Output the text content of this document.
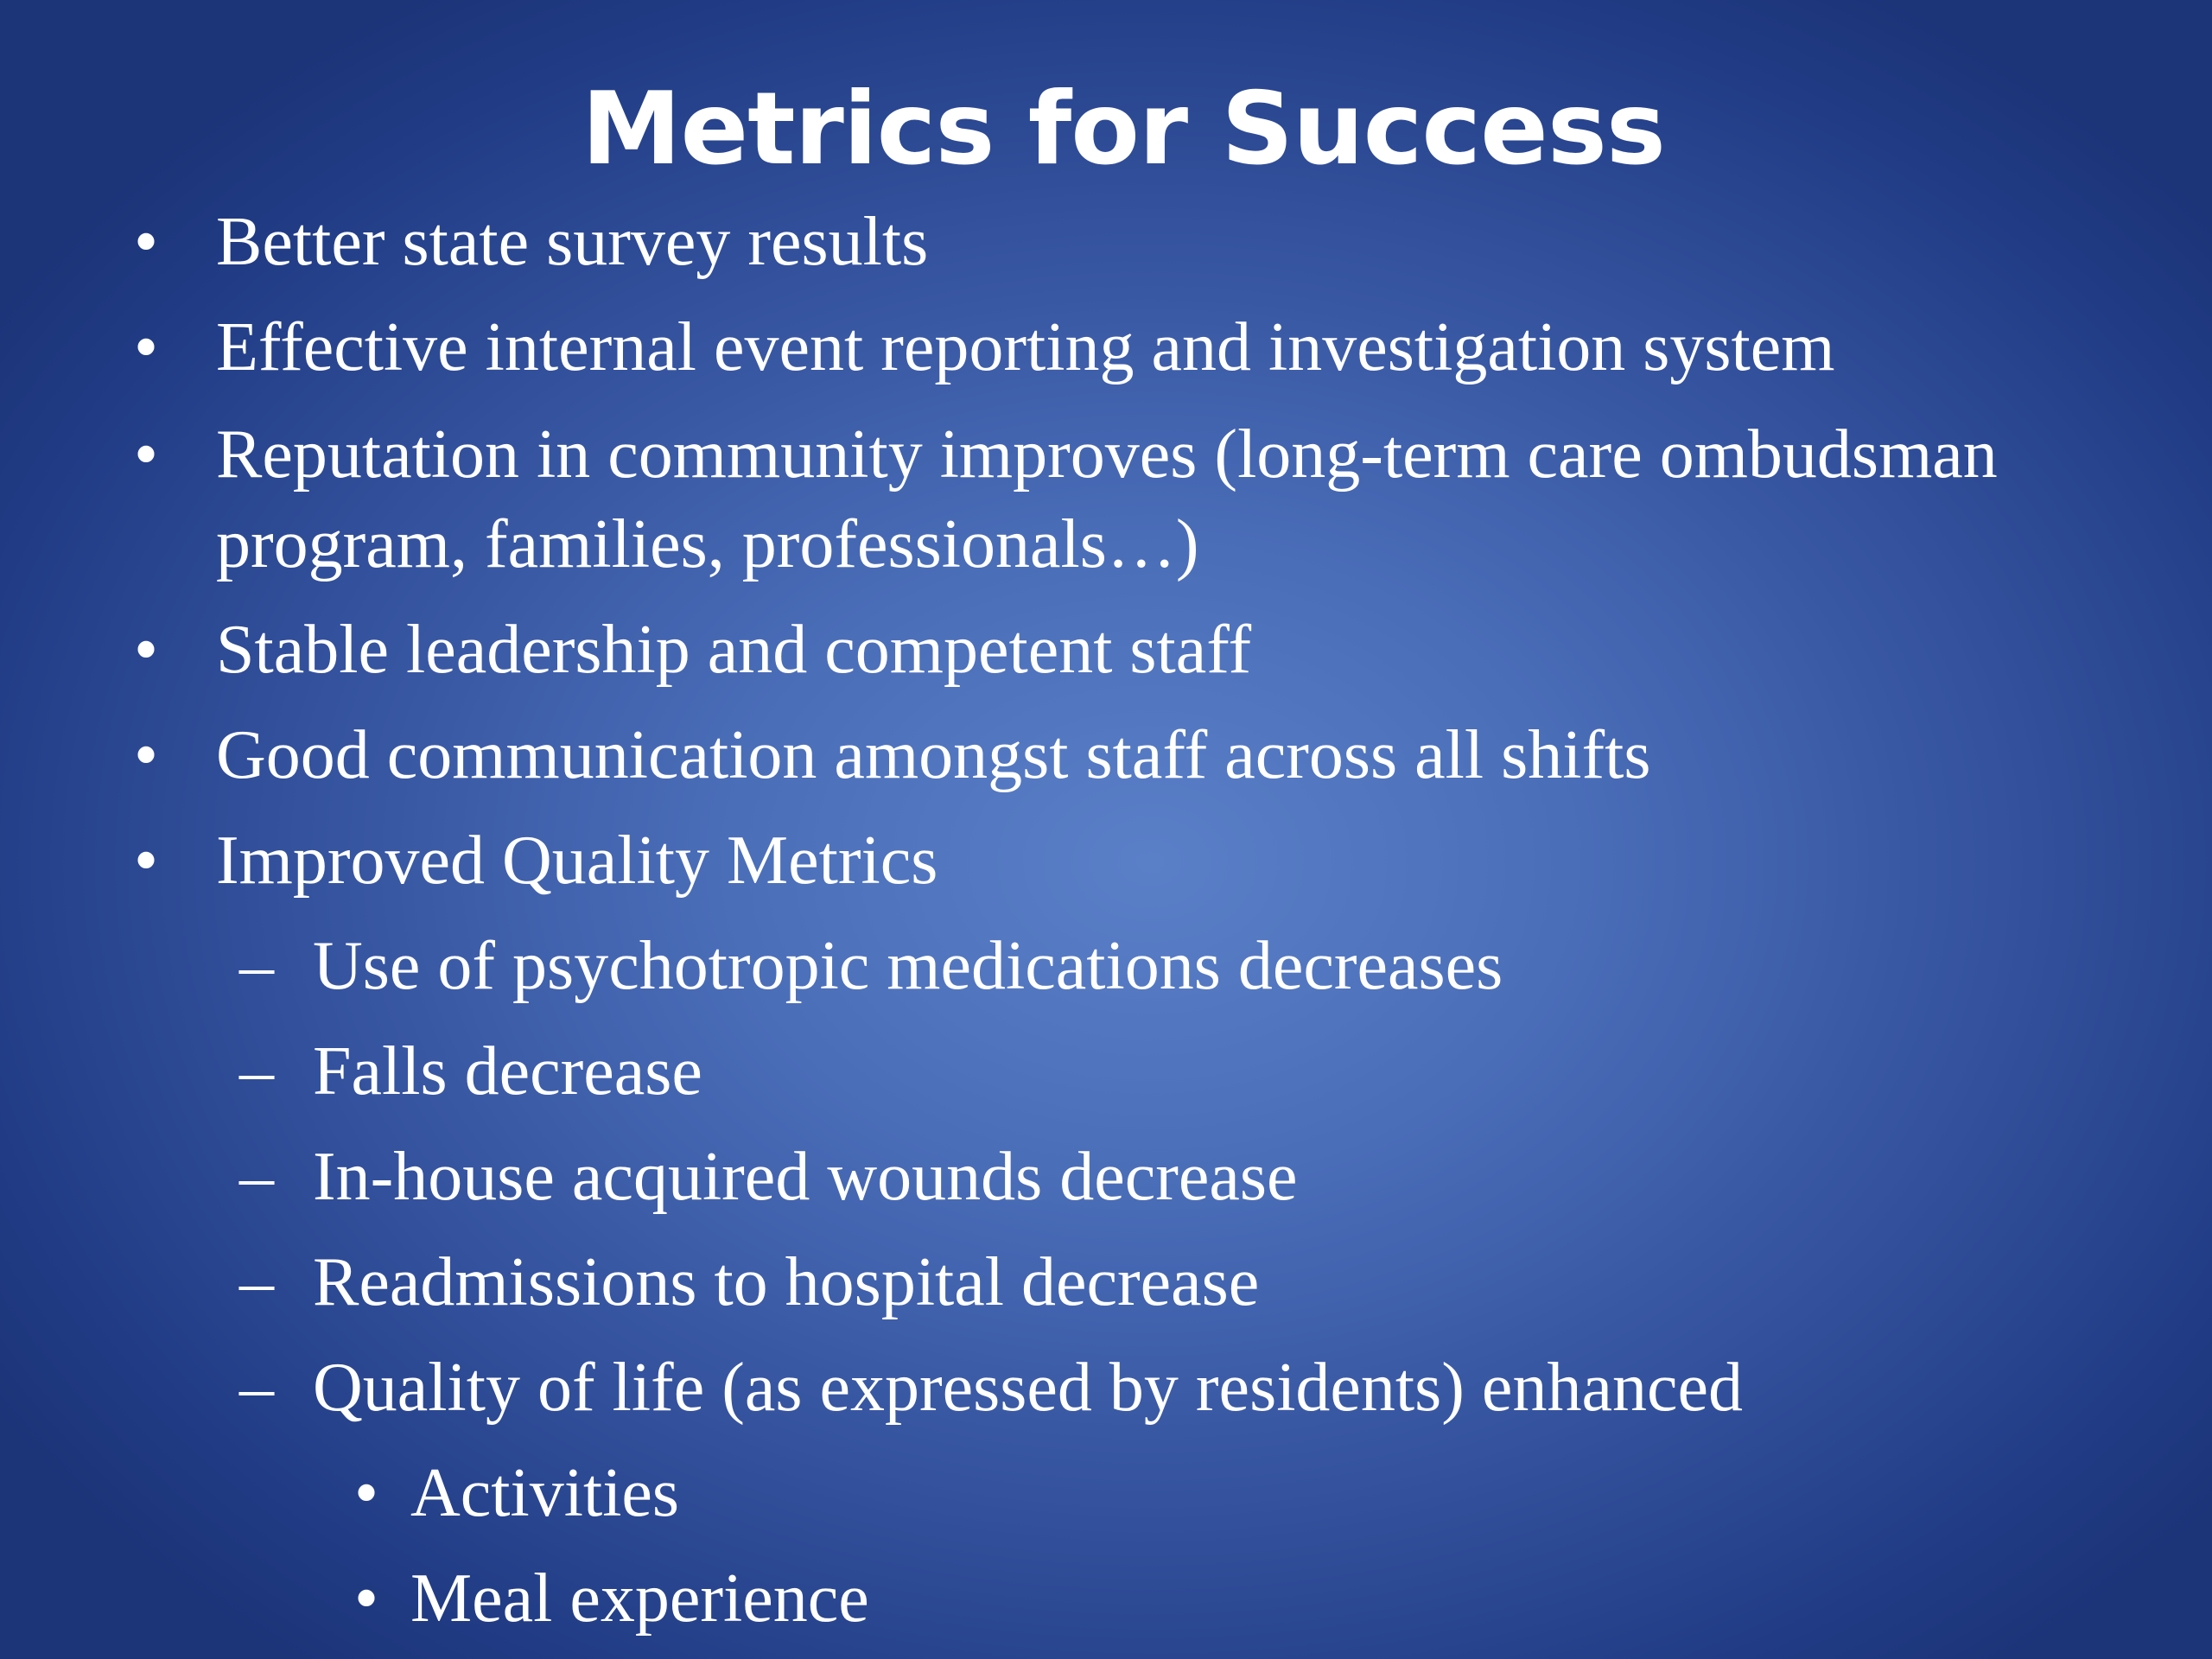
Metrics for Success
• Better state survey results
• Effective internal event reporting and investigation system
• Reputation in community improves (long-term care ombudsman
program, families, professionals…)
• Stable leadership and competent staff
• Good communication amongst staff across all shifts
• Improved Quality Metrics
– Use of psychotropic medications decreases
– Falls decrease
– In-house acquired wounds decrease
– Readmissions to hospital decrease
– Quality of life (as expressed by residents) enhanced
• Activities
• Meal experience
